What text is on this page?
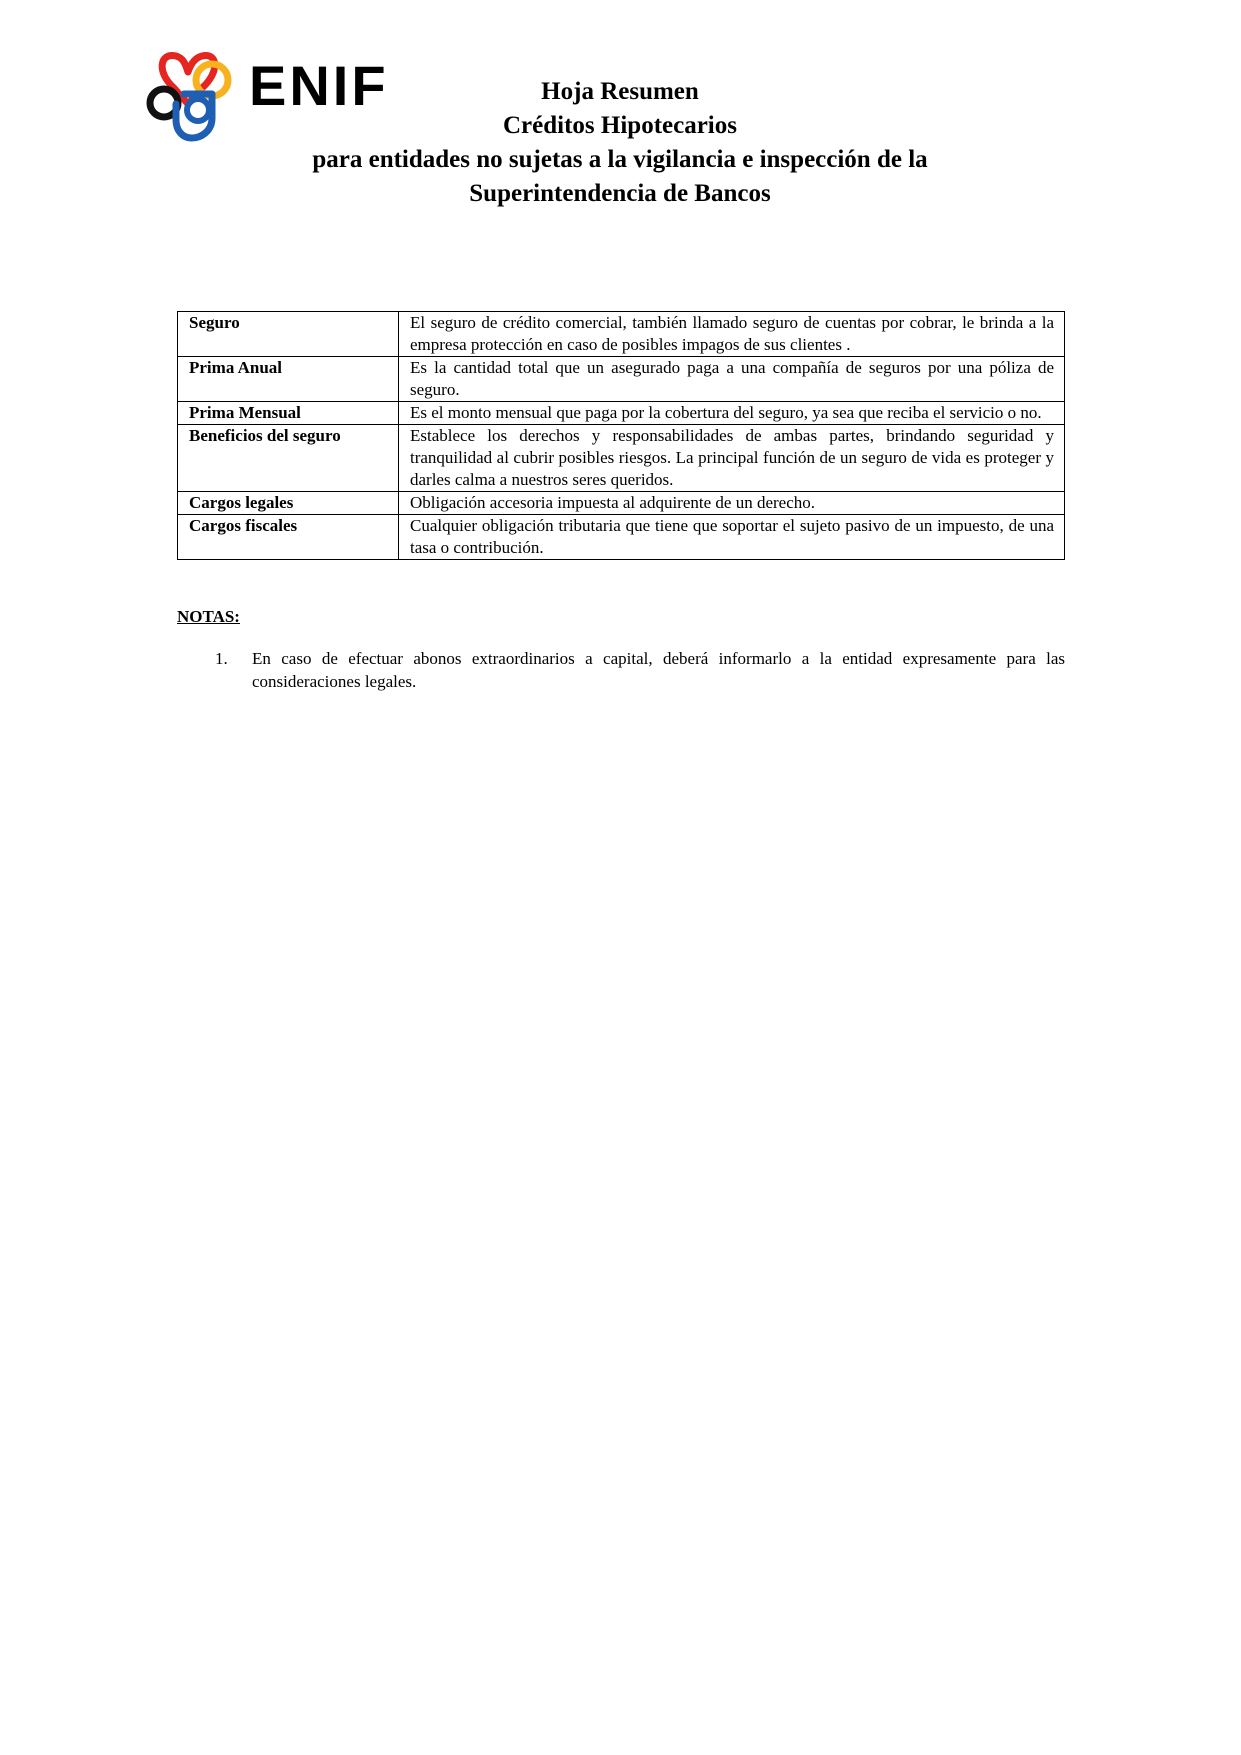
ENIF	Hoja Resumen
Créditos Hipotecarios
para entidades no sujetas a la vigilancia e inspección de la
Superintendencia de Bancos
Seguro	El seguro de crédito comercial, también llamado seguro de cuentas por cobrar, le brinda a la empresa protección en caso de posibles impagos de sus clientes .
Prima Anual	Es la cantidad total que un asegurado paga a una compañía de seguros por una póliza de seguro.
Prima Mensual	Es el monto mensual que paga por la cobertura del seguro, ya sea que reciba el servicio o no.
Beneficios del seguro	Establece los derechos y responsabilidades de ambas partes, brindando seguridad y tranquilidad al cubrir posibles riesgos. La principal función de un seguro de vida es proteger y darles calma a nuestros seres queridos.
Cargos legales	Obligación accesoria impuesta al adquirente de un derecho.
Cargos fiscales	Cualquier obligación tributaria que tiene que soportar el sujeto pasivo de un impuesto, de una tasa o contribución.
NOTAS:
1.	En caso de efectuar abonos extraordinarios a capital, deberá informarlo a la entidad expresamente para las consideraciones legales.
